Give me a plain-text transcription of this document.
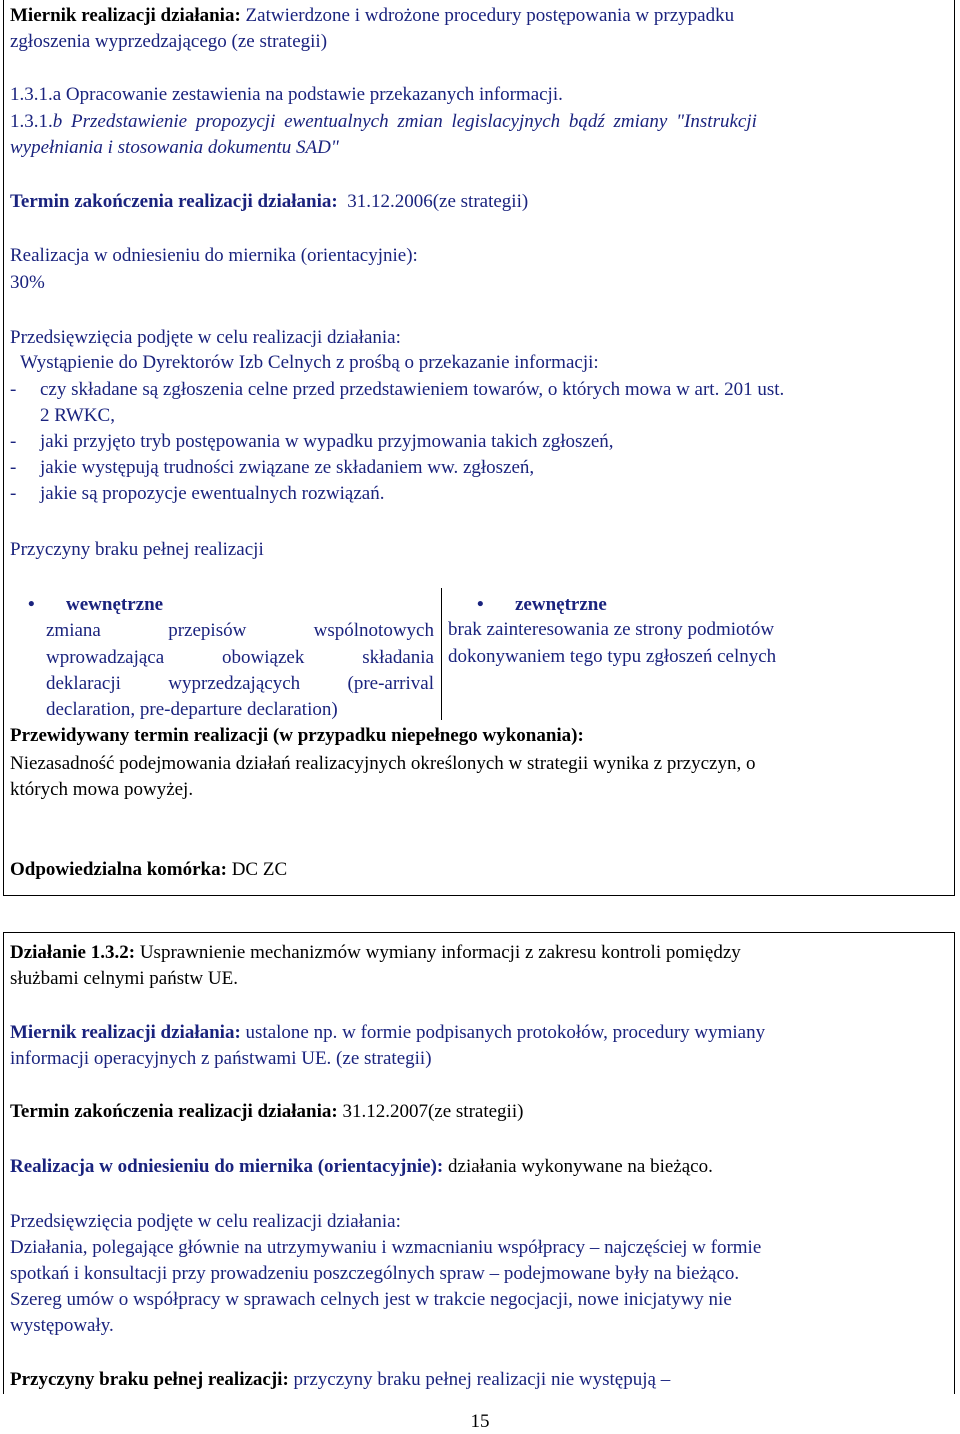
Miernik realizacji działania: Zatwierdzone i wdrożone procedury postępowania w przypadku
zgłoszenia wyprzedzającego (ze strategii)
1.3.1.a Opracowanie zestawienia na podstawie przekazanych informacji.
1.3.1.b Przedstawienie propozycji ewentualnych zmian legislacyjnych bądź zmiany "Instrukcji
wypełniania i stosowania dokumentu SAD"
Termin zakończenia realizacji działania:  31.12.2006(ze strategii)
Realizacja w odniesieniu do miernika (orientacyjnie):
30%
Przedsięwzięcia podjęte w celu realizacji działania:
Wystąpienie do Dyrektorów Izb Celnych z prośbą o przekazanie informacji:
- czy składane są zgłoszenia celne przed przedstawieniem towarów, o których mowa w art. 201 ust.
2 RWKC,
- jaki przyjęto tryb postępowania w wypadku przyjmowania takich zgłoszeń,
- jakie występują trudności związane ze składaniem ww. zgłoszeń,
- jakie są propozycje ewentualnych rozwiązań.
Przyczyny braku pełnej realizacji
• wewnętrzne
zmiana przepisów wspólnotowych
wprowadzająca obowiązek składania
deklaracji wyprzedzających (pre-arrival
declaration, pre-departure declaration)
• zewnętrzne
brak zainteresowania ze strony podmiotów
dokonywaniem tego typu zgłoszeń celnych
Przewidywany termin realizacji (w przypadku niepełnego wykonania):
Niezasadność podejmowania działań realizacyjnych określonych w strategii wynika z przyczyn, o
których mowa powyżej.
Odpowiedzialna komórka: DC ZC
Działanie 1.3.2: Usprawnienie mechanizmów wymiany informacji z zakresu kontroli pomiędzy
służbami celnymi państw UE.
Miernik realizacji działania: ustalone np. w formie podpisanych protokołów, procedury wymiany
informacji operacyjnych z państwami UE. (ze strategii)
Termin zakończenia realizacji działania: 31.12.2007(ze strategii)
Realizacja w odniesieniu do miernika (orientacyjnie): działania wykonywane na bieżąco.
Przedsięwzięcia podjęte w celu realizacji działania:
Działania, polegające głównie na utrzymywaniu i wzmacnianiu współpracy – najczęściej w formie
spotkań i konsultacji przy prowadzeniu poszczególnych spraw – podejmowane były na bieżąco.
Szereg umów o współpracy w sprawach celnych jest w trakcie negocjacji, nowe inicjatywy nie
występowały.
Przyczyny braku pełnej realizacji: przyczyny braku pełnej realizacji nie występują –
15
